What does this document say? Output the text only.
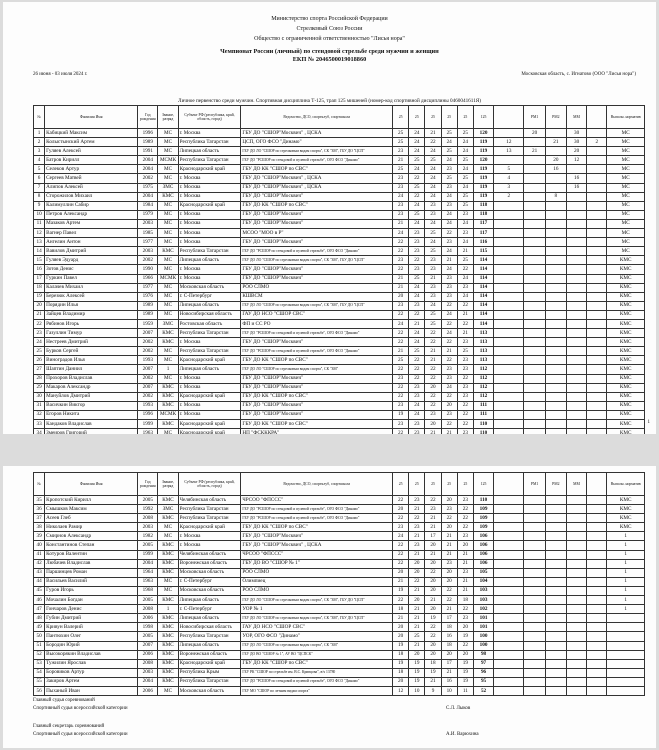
Министерство спорта Российской Федерации
Стрелковый Союз России
Общество с ограниченной ответственностью "Лисья нора"
Чемпионат России (личный) по стендовой стрельбе среди мужчин и женщин
ЕКП № 2046500019018860
26 июня - 03 июля 2024 г.	Московская область, с. Игнатово (ООО "Лисья нора")
Личное первенство среди мужчин. Спортивная дисциплина Т-125, трап 125 мишеней (номер-код спортивной дисциплины 0460041611Я)
№	Фамилия Имя	Год рождения	Звание, разряд	Субъект РФ (республика, край, область, город)	Ведомство, ДСО, спортклуб, спортшкола	25	25	25	25	25	125		РМ1	РМ2	ММ		Выполн. норматив
1	Кабицкий Максим	1996	МС	г. Москва	ГБУ ДО "СШОР"Москвич" , ЦСКА	25	24	21	25	25	120		20		30		МС
2	Колыстынский Артем	1989	МС	Республика Татарстан	ЦСП, ОГО ФСО "Динамо"	25	24	22	24	24	119	12		21	30	2	МС
3	Гуляев Алексей	1991	МС	Липецкая область	ГБУ ДО ЛО "СШОР по стрелковым видам спорта", СК "ЗМ", ГБУ ДО "ЦСП"	23	24	24	25	24	119	13	21		20		МС
4	Батров Кирилл	2004	МСМК	Республика Татарстан	ГБУ ДО "РСШОР по стендовой и пулевой стрельбе", ОГО ФСО "Динамо"	21	25	25	24	25	120			20	12		МС
5	Селеков Артур	2004	МС	Краснодарский край	ГБУ ДО КК "СШОР по СВС"	25	24	24	23	24	119	5		16			МС
6	Сергеев Матвей	2002	МС	г. Москва	ГБУ ДО "СШОР"Москвич" , ЦСКА	23	22	24	25	25	119	4			16		МС
7	Алипов Алексей	1975	ЗМС	г. Москва	ГБУ ДО "СШОР"Москвич" , ЦСКА	23	25	24	23	24	119	3			16		МС
8	Сторожилов Михаил	2004	КМС	г. Москва	ГБУ ДО "СШОР"Москвич"	24	22	24	24	25	119	2		8			МС
9	Калимуллин Сабир	1984	МС	Краснодарский край	ГБУ ДО КК "СШОР по СВС"	23	24	23	23	25	118						МС
10	Петров Александр	1979	МС	г. Москва	ГБУ ДО "СШОР"Москвич"	23	25	23	24	23	118						МС
11	Мазаков Артем	2003	МС	г. Москва	ГБУ ДО "СШОР"Москвич"	21	24	24	24	24	117						МС
12	Вагнер Павел	1985	МС	г. Москва	МСОО "МОО в Р"	24	23	25	22	23	117						МС
13	Ангелин Антон	1977	МС	г. Москва	ГБУ ДО "СШОР"Москвич"	22	23	24	23	24	116						МС
14	Вавилов Дмитрий	2003	КМС	Республика Татарстан	ГБУ ДО "РСШОР по стендовой и пулевой стрельбе", ОГО ФСО "Динамо"	22	23	25	24	21	115						МС
15	Гуляев Эдуард	2002	МС	Липецкая область	ГБУ ДО ЛО "СШОР по стрелковым видам спорта", СК "ЗМ", ГБУ ДО "ЦСП"	23	22	23	21	25	114						КМС
16	Зотов Денис	1990	МС	г. Москва	ГБУ ДО "СШОР"Москвич"	22	23	23	24	22	114						КМС
17	Гуркин Павел	1966	МСМК	г. Москва	ГБУ ДО "СШОР"Москвич"	21	25	21	23	24	114						КМС
18	Калачев Михаил	1977	МС	Московская область	РОО СЛМО	21	24	23	23	23	114						КМС
19	Березюк Алексей	1976	МС	г. С-Петербург	КШВСМ	20	24	23	23	24	114						КМС
20	Порядин Илья	1989	МС	Липецкая область	ГБУ ДО ЛО "СШОР по стрелковым видам спорта", СК "ЗМ", ГБУ ДО "ЦСП"	23	23	24	22	22	114						КМС
21	Зайцев Владимир	1989	МС	Новосибирская область	ГАУ ДО НСО "СШОР СВС"	22	22	25	24	21	114						КМС
22	Рябинов Игорь	1959	ЗМС	Ростовская область	ФП и СС РО	24	21	25	22	22	114						КМС
23	Газуллин Тимур	2007	КМС	Республика Татарстан	ГБУ ДО "РСШОР по стендовой и пулевой стрельбе", ОГО ФСО "Динамо"	22	24	22	24	21	113						КМС
24	Нестреев Дмитрий	2002	КМС	г. Москва	ГБУ ДО "СШОР"Москвич"	22	24	22	22	23	113						КМС
25	Бурков Сергей	2002	МС	Республика Татарстан	ГБУ ДО "РСШОР по стендовой и пулевой стрельбе", ОГО ФСО "Динамо"	21	25	21	21	25	113						КМС
26	Виноградов Илья	1993	МС	Краснодарский край	ГБУ ДО КК "СШОР по СВС"	25	22	21	22	23	113						КМС
27	Шаптин Даниил	2007	1	Липецкая область	ГБУ ДО ЛО "СШОР по стрелковым видам спорта", СК "ЗМ"	22	22	22	23	23	112						КМС
28	Прохоров Владислав	2002	МС	г. Москва	ГБУ ДО "СШОР"Москвич"	23	22	22	23	22	112						КМС
29	Макаров Александр	2007	КМС	г. Москва	ГБУ ДО "СШОР"Москвич"	22	23	20	24	23	112						КМС
30	Мануйлов Дмитрий	2002	КМС	Краснодарский край	ГБУ ДО КК "СШОР по СВС"	22	23	22	22	23	112						КМС
31	Васичкин Виктор	1993	КМС	г. Москва	ГБУ ДО "СШОР"Москвич"	23	24	22	20	22	111						КМС
32	Егоров Никита	1996	МСМК	г. Москва	ГБУ ДО "СШОР"Москвич"	19	24	23	23	22	111						КМС
33	Кандаков Владислав	1999	КМС	Краснодарский край	ГБУ ДО КК "СШОР по СВС"	23	23	20	22	22	110						КМС
34	Змеиров Григорий	1963	МС	Краснодарский край	НП "ФСКККРА"	22	23	21	21	23	110						КМС
1
№	Фамилия Имя	Год рождения	Звание, разряд	Субъект РФ (республика, край, область, город)	Ведомство, ДСО, спортклуб, спортшкола	25	25	25	25	25	125		РМ1	РМ2	ММ		Выполн. норматив
35	Кропотский Кирилл	2005	КМС	Челябинская область	ЧРСОО "ФПССС"	22	23	22	20	23	110						КМС
36	Смышков Максим	1992	ЗМС	Республика Татарстан	ГБУ ДО "РСШОР по стендовой и пулевой стрельбе", ОГО ФСО "Динамо"	20	21	23	23	22	109						КМС
37	Асеев Глеб	2008	КМС	Республика Татарстан	ГБУ ДО "РСШОР по стендовой и пулевой стрельбе", ОГО ФСО "Динамо"	22	22	21	22	22	109						КМС
38	Николаев Рамир	2003	МС	Краснодарский край	ГБУ ДО КК "СШОР по СВС"	23	23	21	20	22	109						КМС
39	Смирнов Александр	1982	МС	г. Москва	ГБУ ДО "СШОР"Москвич"	24	21	17	21	23	106						1
40	Константинов Степан	2005	КМС	г. Москва	ГБУ ДО "СШОР"Москвич" , ЦСКА	22	23	20	21	20	106						1
41	Котуров Валентин	1999	КМС	Челябинская область	ЧРСОО "ФПССС"	22	21	21	21	21	106						1
42	Любачев Владислав	2004	КМС	Воронежская область	ГБУ ДО ВО "СШОР № 1"	22	20	20	23	21	106						1
43	Паршинцев Роман	1964	КМС	Московская область	РОО СЛМО	20	20	22	20	23	105						1
44	Васильев Василий	1963	МС	г. С-Петербург	Олимпиец	21	22	20	20	21	104						1
45	Гуров Игорь	1968	МС	Московская область	РОО СЛМО	19	21	20	22	21	103						1
46	Мочалин Богдан	2005	КМС	Липецкая область	ГБУ ДО ЛО "СШОР по стрелковым видам спорта", СК "ЗМ", ГБУ ДО "ЦСП"	22	20	21	22	18	103						1
47	Гончаров Денис	2008	1	г. С-Петербург	УОР № 1	18	21	20	21	22	102						1
48	Губин Дмитрий	2006	КМС	Липецкая область	ГБУ ДО ЛО "СШОР по стрелковым видам спорта", СК "ЗМ", ГБУ ДО "ЦСП"	21	21	19	17	23	101						
49	Кривун Валерий	1998	КМС	Новосибирская область	ГАУ ДО НСО "СШОР СВС"	20	21	22	18	20	101						
50	Пантюхин Олег	2005	КМС	Республика Татарстан	УОР, ОГО ФСО "Динамо"	20	25	22	16	19	100						
51	Бородин Юрий	2007	КМС	Липецкая область	ГБУ ДО ЛО "СШОР по стрелковым видам спорта", СК "ЗМ"	19	21	20	18	22	100						
52	Высокорякин Владислав	2006	КМС	Воронежская область	ГБУ ДО ВО "СШОР № 1", АУ ВО "ЦСПСК"	18	20	20	20	20	98						
53	Тужилин Ярослав	2008	КМС	Краснодарский край	ГБУ ДО КК "СШОР по СВС"	19	19	18	17	19	97						
54	Боровиков Артур	2003	КМС	Республика Крым	ГБУ РК "СШОР по стрельбе им. В.С. Кривцова", в/ч 13780	18	19	19	21	19	96						
55	Закиров Артем	2004	КМС	Республика Татарстан	ГБУ ДО "РСШОР по стендовой и пулевой стрельбе", ОГО ФСО "Динамо"	20	19	21	16	19	95						
56	Пыханый Иван	2006	МС	Московская область	ГБУ МО "СШОР по летним видам спорта"	12	10	9	10	11	52						
Главный судья соревнований
Спортивный судья всероссийской категории	С.Л. Лыков
Главный секретарь соревнований
Спортивный судья всероссийской категории	А.И. Варюхина
